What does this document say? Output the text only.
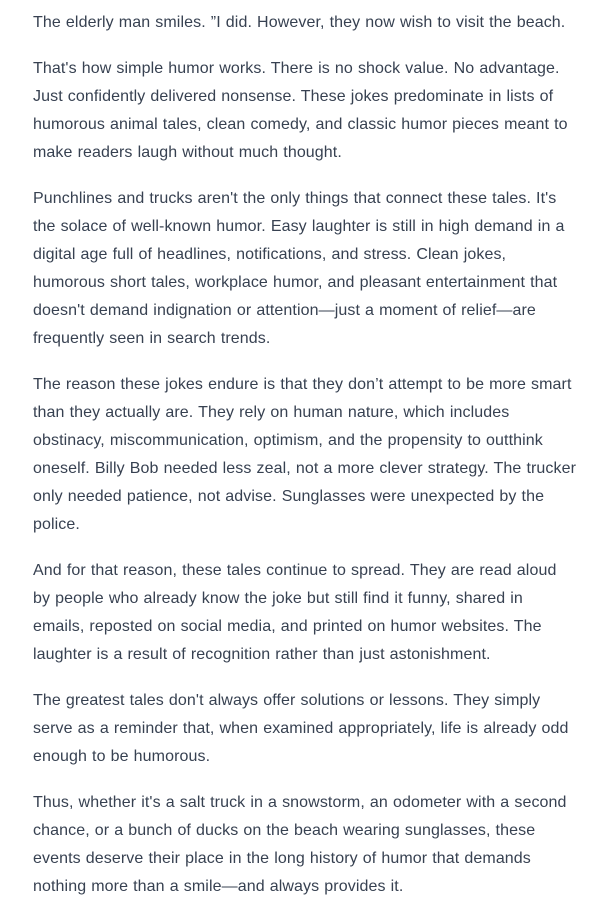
The elderly man smiles. ”I did. However, they now wish to visit the beach.

That's how simple humor works. There is no shock value. No advantage. Just confidently delivered nonsense. These jokes predominate in lists of humorous animal tales, clean comedy, and classic humor pieces meant to make readers laugh without much thought.

Punchlines and trucks aren't the only things that connect these tales. It's the solace of well-known humor. Easy laughter is still in high demand in a digital age full of headlines, notifications, and stress. Clean jokes, humorous short tales, workplace humor, and pleasant entertainment that doesn't demand indignation or attention—just a moment of relief—are frequently seen in search trends.

The reason these jokes endure is that they don’t attempt to be more smart than they actually are. They rely on human nature, which includes obstinacy, miscommunication, optimism, and the propensity to outthink oneself. Billy Bob needed less zeal, not a more clever strategy. The trucker only needed patience, not advise. Sunglasses were unexpected by the police.

And for that reason, these tales continue to spread. They are read aloud by people who already know the joke but still find it funny, shared in emails, reposted on social media, and printed on humor websites. The laughter is a result of recognition rather than just astonishment.

The greatest tales don't always offer solutions or lessons. They simply serve as a reminder that, when examined appropriately, life is already odd enough to be humorous.

Thus, whether it's a salt truck in a snowstorm, an odometer with a second chance, or a bunch of ducks on the beach wearing sunglasses, these events deserve their place in the long history of humor that demands nothing more than a smile—and always provides it.
